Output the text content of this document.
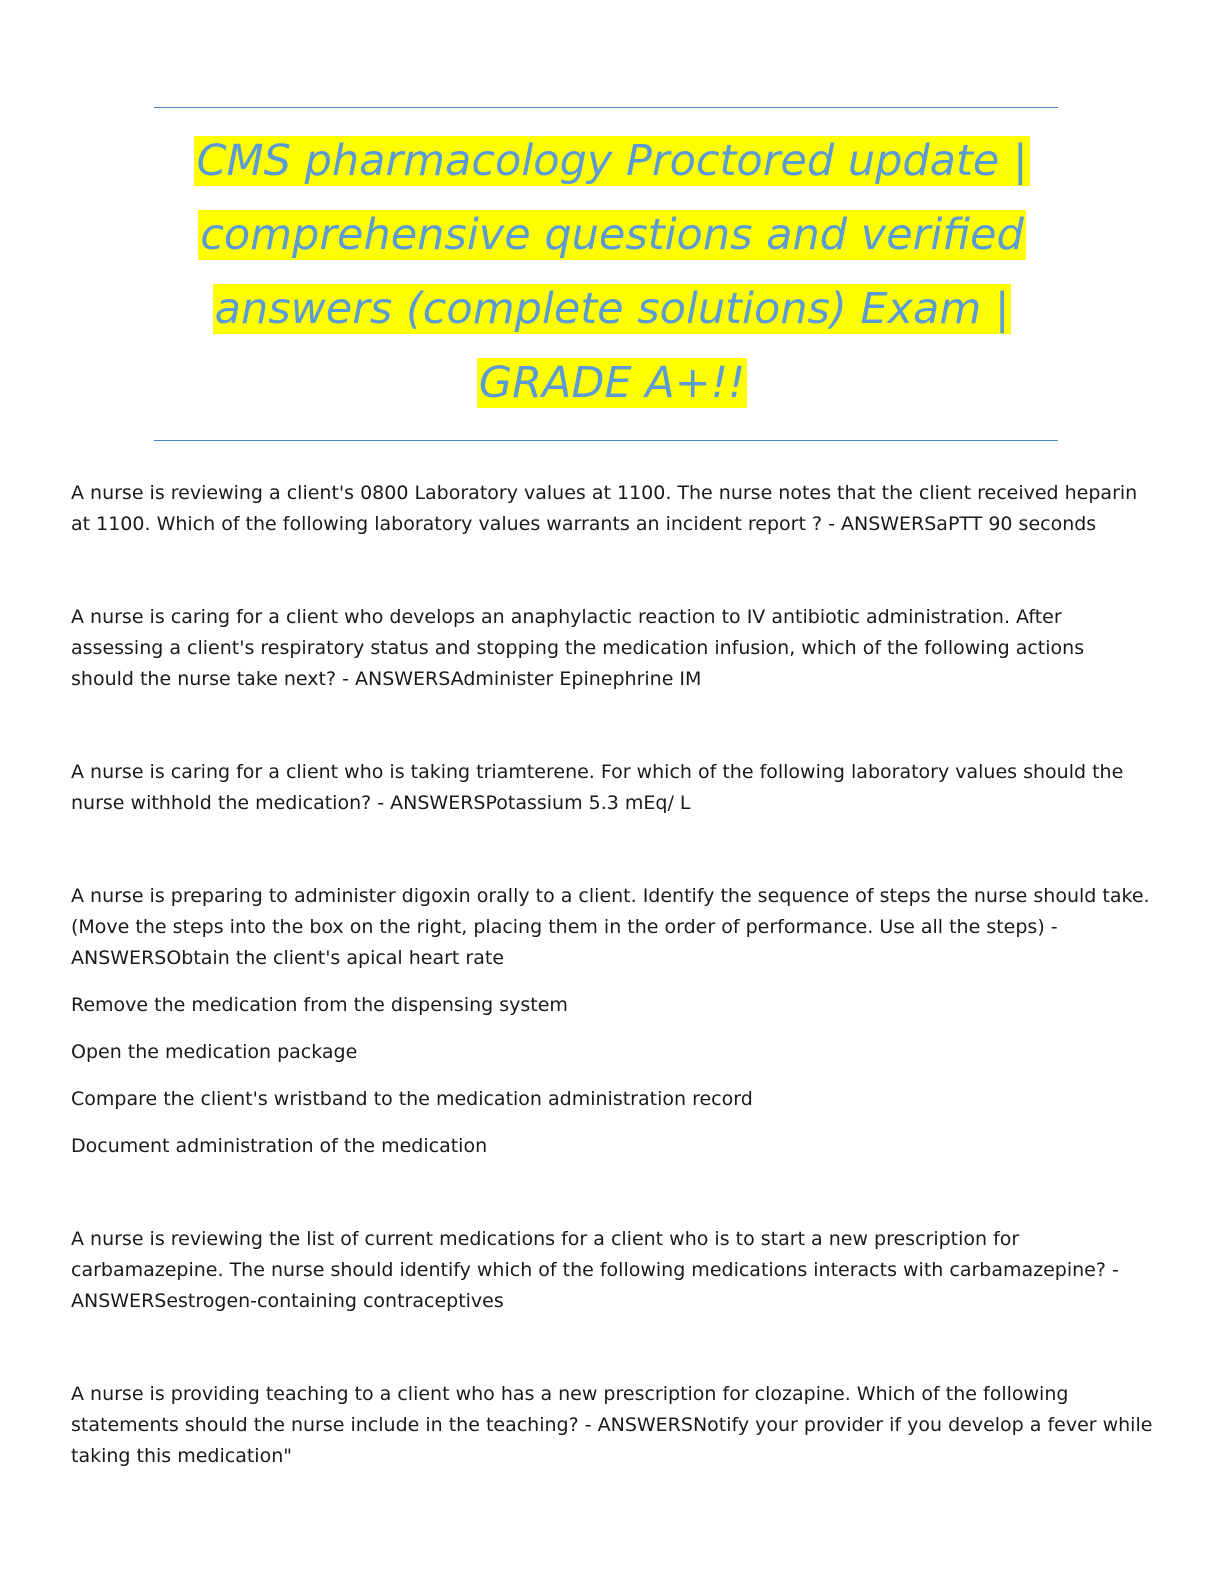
CMS pharmacology Proctored update | comprehensive questions and verified answers (complete solutions) Exam | GRADE A+!!

A nurse is reviewing a client's 0800 Laboratory values at 1100. The nurse notes that the client received heparin at 1100. Which of the following laboratory values warrants an incident report ? - ANSWERSaPTT 90 seconds

A nurse is caring for a client who develops an anaphylactic reaction to IV antibiotic administration. After assessing a client's respiratory status and stopping the medication infusion, which of the following actions should the nurse take next? - ANSWERSAdminister Epinephrine IM

A nurse is caring for a client who is taking triamterene. For which of the following laboratory values should the nurse withhold the medication? - ANSWERSPotassium 5.3 mEq/ L

A nurse is preparing to administer digoxin orally to a client. Identify the sequence of steps the nurse should take. (Move the steps into the box on the right, placing them in the order of performance. Use all the steps) - ANSWERSObtain the client's apical heart rate

Remove the medication from the dispensing system

Open the medication package

Compare the client's wristband to the medication administration record

Document administration of the medication

A nurse is reviewing the list of current medications for a client who is to start a new prescription for carbamazepine. The nurse should identify which of the following medications interacts with carbamazepine? - ANSWERSestrogen-containing contraceptives

A nurse is providing teaching to a client who has a new prescription for clozapine. Which of the following statements should the nurse include in the teaching? - ANSWERSNotify your provider if you develop a fever while taking this medication"
